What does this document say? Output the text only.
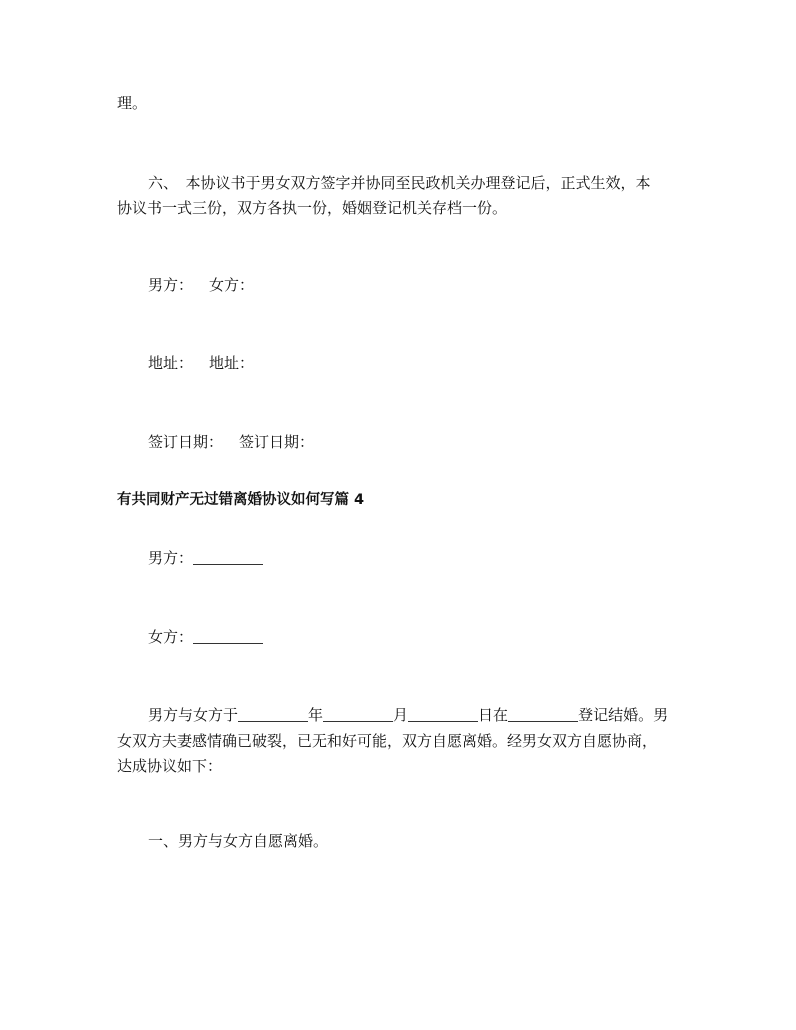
理。
六、　本协议书于男女双方签字并协同至民政机关办理登记后，正式生效，本
协议书一式三份，双方各执一份，婚姻登记机关存档一份。
男方： 女方：
地址： 地址：
签订日期： 签订日期：
有共同财产无过错离婚协议如何写篇 4
男方：
女方：
男方与女方于	年	月	日在	登记结婚。男
女双方夫妻感情确已破裂，已无和好可能，双方自愿离婚。经男女双方自愿协商，
达成协议如下：
一、男方与女方自愿离婚。
